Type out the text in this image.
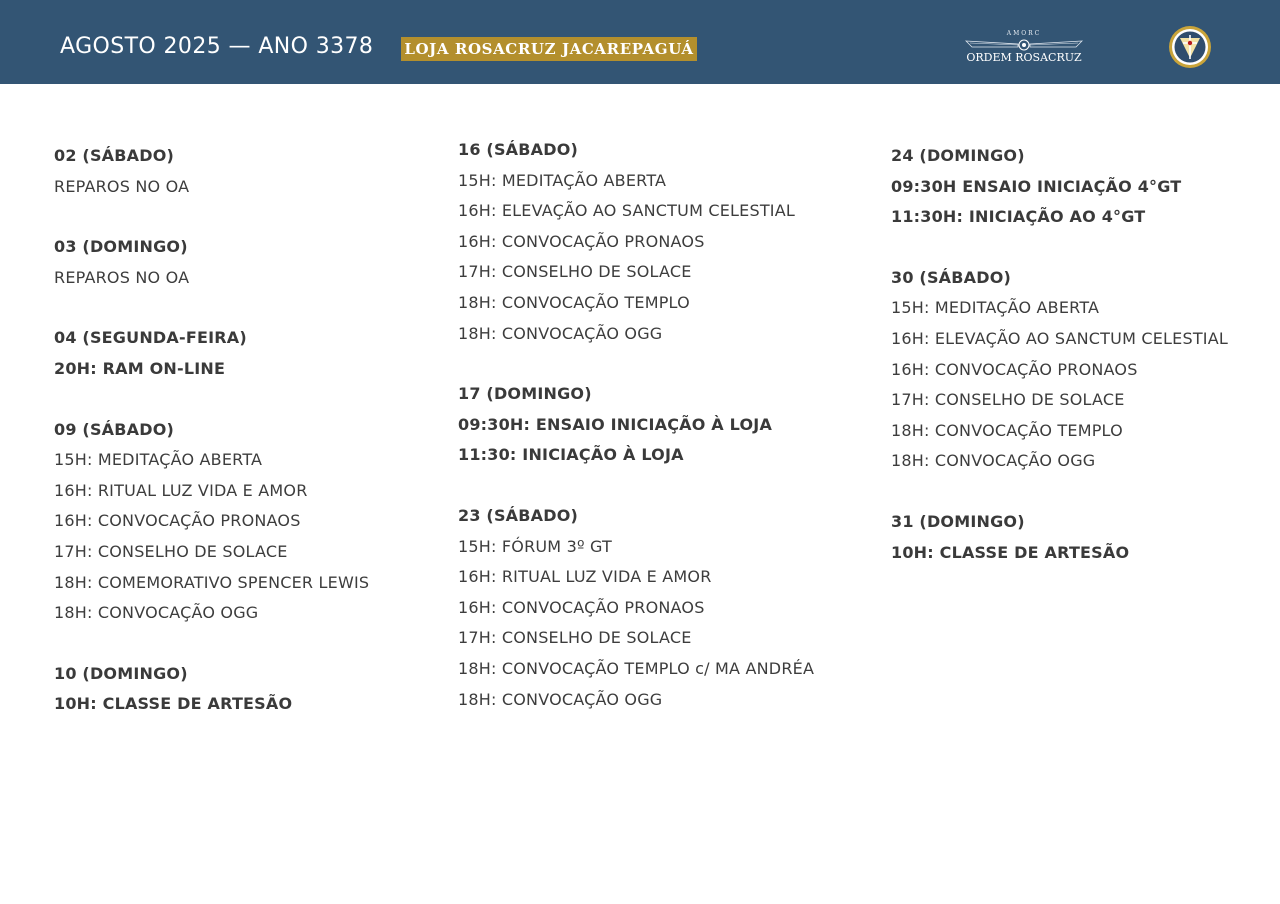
AGOSTO 2025 — ANO 3378 LOJA ROSACRUZ JACAREPAGUÁ
AMORC
ORDEM ROSACRUZ
02 (SÁBADO)
REPAROS NO OA
03 (DOMINGO)
REPAROS NO OA
04 (SEGUNDA-FEIRA)
20H: RAM ON-LINE
09 (SÁBADO)
15H: MEDITAÇÃO ABERTA
16H: RITUAL LUZ VIDA E AMOR
16H: CONVOCAÇÃO PRONAOS
17H: CONSELHO DE SOLACE
18H: COMEMORATIVO SPENCER LEWIS
18H: CONVOCAÇÃO OGG
10 (DOMINGO)
10H: CLASSE DE ARTESÃO
16 (SÁBADO)
15H: MEDITAÇÃO ABERTA
16H: ELEVAÇÃO AO SANCTUM CELESTIAL
16H: CONVOCAÇÃO PRONAOS
17H: CONSELHO DE SOLACE
18H: CONVOCAÇÃO TEMPLO
18H: CONVOCAÇÃO OGG
17 (DOMINGO)
09:30H: ENSAIO INICIAÇÃO À LOJA
11:30: INICIAÇÃO À LOJA
23 (SÁBADO)
15H: FÓRUM 3º GT
16H: RITUAL LUZ VIDA E AMOR
16H: CONVOCAÇÃO PRONAOS
17H: CONSELHO DE SOLACE
18H: CONVOCAÇÃO TEMPLO c/ MA ANDRÉA
18H: CONVOCAÇÃO OGG
24 (DOMINGO)
09:30H ENSAIO INICIAÇÃO 4°GT
11:30H: INICIAÇÃO AO 4°GT
30 (SÁBADO)
15H: MEDITAÇÃO ABERTA
16H: ELEVAÇÃO AO SANCTUM CELESTIAL
16H: CONVOCAÇÃO PRONAOS
17H: CONSELHO DE SOLACE
18H: CONVOCAÇÃO TEMPLO
18H: CONVOCAÇÃO OGG
31 (DOMINGO)
10H: CLASSE DE ARTESÃO
